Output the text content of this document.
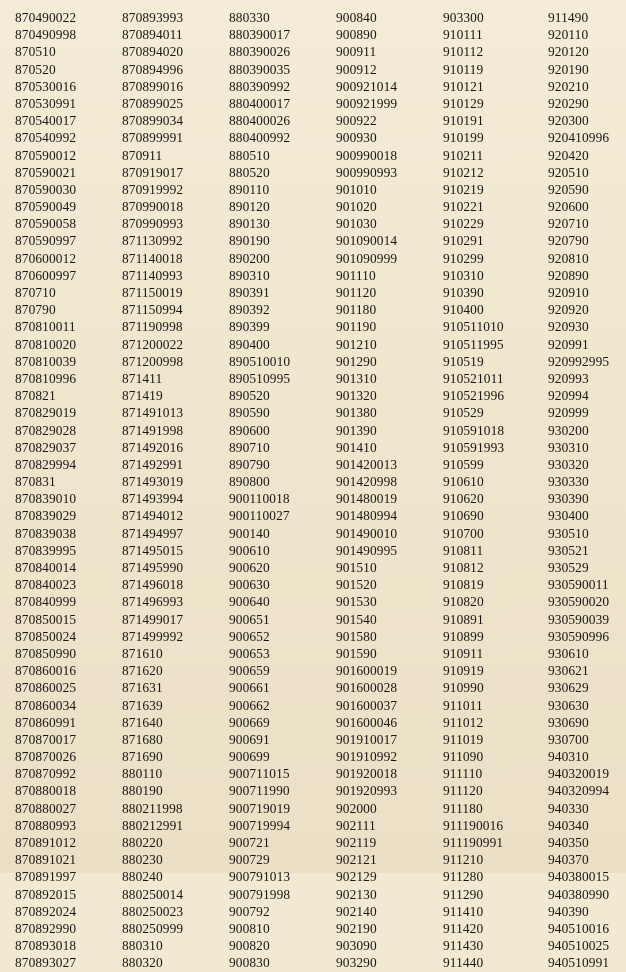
870490022
870490998
870510
870520
870530016
870530991
870540017
870540992
870590012
870590021
870590030
870590049
870590058
870590997
870600012
870600997
870710
870790
870810011
870810020
870810039
870810996
870821
870829019
870829028
870829037
870829994
870831
870839010
870839029
870839038
870839995
870840014
870840023
870840999
870850015
870850024
870850990
870860016
870860025
870860034
870860991
870870017
870870026
870870992
870880018
870880027
870880993
870891012
870891021
870891997
870892015
870892024
870892990
870893018
870893027
870893993
870894011
870894020
870894996
870899016
870899025
870899034
870899991
870911
870919017
870919992
870990018
870990993
871130992
871140018
871140993
871150019
871150994
871190998
871200022
871200998
871411
871419
871491013
871491998
871492016
871492991
871493019
871493994
871494012
871494997
871495015
871495990
871496018
871496993
871499017
871499992
871610
871620
871631
871639
871640
871680
871690
880110
880190
880211998
880212991
880220
880230
880240
880250014
880250023
880250999
880310
880320
880330
880390017
880390026
880390035
880390992
880400017
880400026
880400992
880510
880520
890110
890120
890130
890190
890200
890310
890391
890392
890399
890400
890510010
890510995
890520
890590
890600
890710
890790
890800
900110018
900110027
900140
900610
900620
900630
900640
900651
900652
900653
900659
900661
900662
900669
900691
900699
900711015
900711990
900719019
900719994
900721
900729
900791013
900791998
900792
900810
900820
900830
900840
900890
900911
900912
900921014
900921999
900922
900930
900990018
900990993
901010
901020
901030
901090014
901090999
901110
901120
901180
901190
901210
901290
901310
901320
901380
901390
901410
901420013
901420998
901480019
901480994
901490010
901490995
901510
901520
901530
901540
901580
901590
901600019
901600028
901600037
901600046
901910017
901910992
901920018
901920993
902000
902111
902119
902121
902129
902130
902140
902190
903090
903290
903300
910111
910112
910119
910121
910129
910191
910199
910211
910212
910219
910221
910229
910291
910299
910310
910390
910400
910511010
910511995
910519
910521011
910521996
910529
910591018
910591993
910599
910610
910620
910690
910700
910811
910812
910819
910820
910891
910899
910911
910919
910990
911011
911012
911019
911090
911110
911120
911180
911190016
911190991
911210
911280
911290
911410
911420
911430
911440
911490
920110
920120
920190
920210
920290
920300
920410996
920420
920510
920590
920600
920710
920790
920810
920890
920910
920920
920930
920991
920992995
920993
920994
920999
930200
930310
930320
930330
930390
930400
930510
930521
930529
930590011
930590020
930590039
930590996
930610
930621
930629
930630
930690
930700
940310
940320019
940320994
940330
940340
940350
940370
940380015
940380990
940390
940510016
940510025
940510991
